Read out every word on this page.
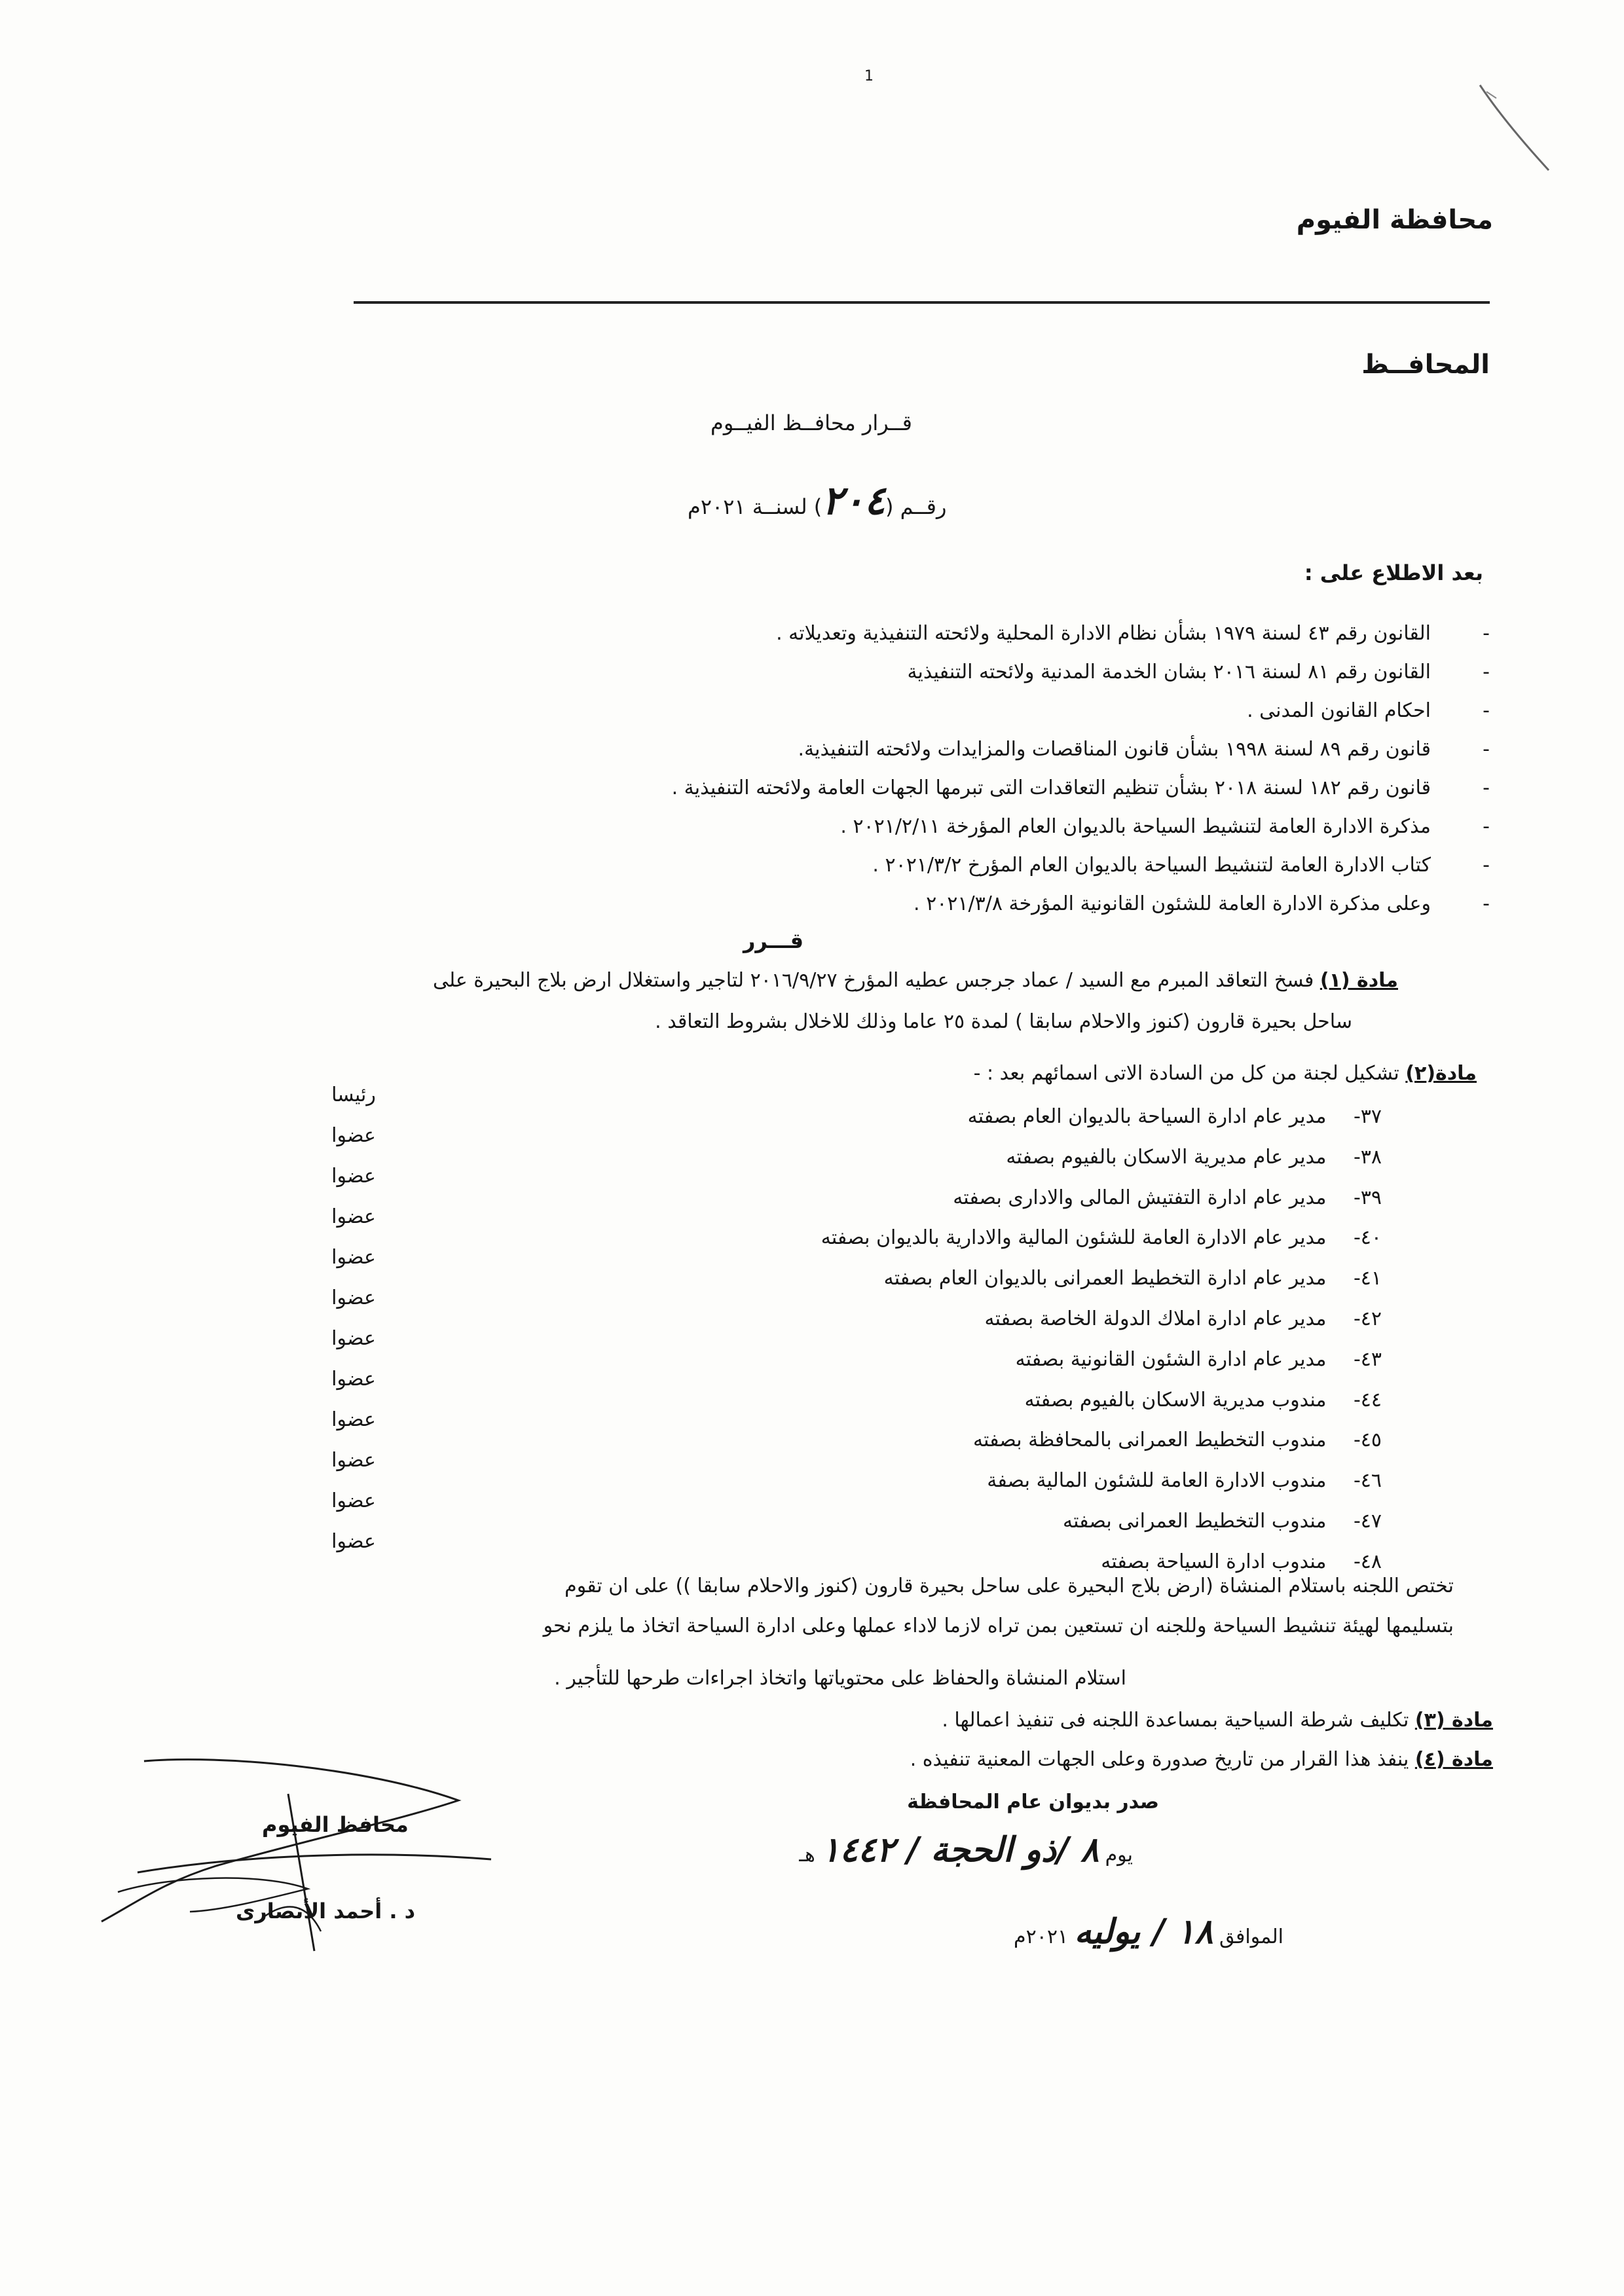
1
محافظة الفيوم
المحافــظ
قــرار محافــظ الفيــوم
رقــم (٢٠٤) لسنــة ٢٠٢١م
بعد الاطلاع على :
-القانون رقم ٤٣ لسنة ١٩٧٩ بشأن نظام الادارة المحلية ولائحته التنفيذية وتعديلاته .
-القانون رقم ٨١ لسنة ٢٠١٦ بشان الخدمة المدنية ولائحته التنفيذية
-احكام القانون المدنى .
-قانون رقم ٨٩ لسنة ١٩٩٨ بشأن قانون المناقصات والمزايدات ولائحته التنفيذية.
-قانون رقم ١٨٢ لسنة ٢٠١٨ بشأن تنظيم التعاقدات التى تبرمها الجهات العامة ولائحته التنفيذية .
-مذكرة الادارة العامة لتنشيط السياحة بالديوان العام المؤرخة ٢٠٢١/٢/١١ .
-كتاب الادارة العامة لتنشيط السياحة بالديوان العام المؤرخ ٢٠٢١/٣/٢ .
-وعلى مذكرة الادارة العامة للشئون القانونية المؤرخة ٢٠٢١/٣/٨ .
قـــرر
مادة (١) فسخ التعاقد المبرم مع السيد / عماد جرجس عطيه المؤرخ ٢٠١٦/٩/٢٧ لتاجير واستغلال ارض بلاج البحيرة على
ساحل بحيرة قارون (كنوز والاحلام سابقا ) لمدة ٢٥ عاما وذلك للاخلال بشروط التعاقد .
مادة(٢) تشكيل لجنة من كل من السادة الاتى اسمائهم بعد : -
٣٧- مدير عام ادارة السياحة بالديوان العام بصفته
٣٨- مدير عام مديرية الاسكان بالفيوم بصفته
٣٩- مدير عام ادارة التفتيش المالى والادارى بصفته
٤٠- مدير عام الادارة العامة للشئون المالية والادارية بالديوان بصفته
٤١- مدير عام ادارة التخطيط العمرانى بالديوان العام بصفته
٤٢- مدير عام ادارة املاك الدولة الخاصة بصفته
٤٣- مدير عام ادارة الشئون القانونية بصفته
٤٤- مندوب مديرية الاسكان بالفيوم بصفته
٤٥- مندوب التخطيط العمرانى بالمحافظة بصفته
٤٦- مندوب الادارة العامة للشئون المالية بصفة
٤٧- مندوب التخطيط العمرانى بصفته
٤٨- مندوب ادارة السياحة بصفته
رئيسا
عضوا
عضوا
عضوا
عضوا
عضوا
عضوا
عضوا
عضوا
عضوا
عضوا
عضوا
تختص اللجنه باستلام المنشاة (ارض بلاج البحيرة على ساحل بحيرة قارون (كنوز والاحلام سابقا )) على ان تقوم
بتسليمها لهيئة تنشيط السياحة وللجنه ان تستعين بمن تراه لازما لاداء عملها وعلى ادارة السياحة اتخاذ ما يلزم نحو
استلام المنشاة والحفاظ على محتوياتها واتخاذ اجراءات طرحها للتأجير .
مادة (٣) تكليف شرطة السياحية بمساعدة اللجنه فى تنفيذ اعمالها .
مادة (٤) ينفذ هذا القرار من تاريخ صدورة وعلى الجهات المعنية تنفيذه .
صدر بديوان عام المحافظة
يوم ٨ /ذو الحجة / ١٤٤٢ هـ
الموافق ١٨ / يوليه ٢٠٢١م
محافظ الفيوم
د . أحمد الأنصارى
